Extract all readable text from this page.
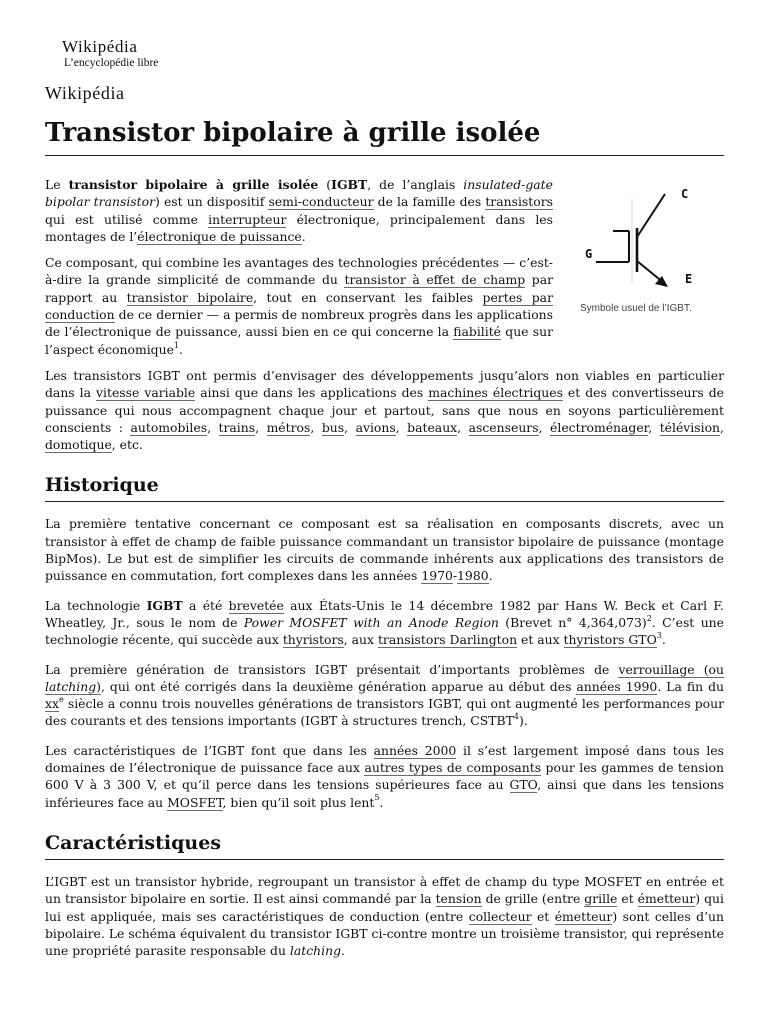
Wikipédia
L’encyclopédie libre
Wikipédia
Transistor bipolaire à grille isolée

Le transistor bipolaire à grille isolée (IGBT, de l’anglais insulated-gate bipolar transistor) est un dispositif semi-conducteur de la famille des transistors qui est utilisé comme interrupteur électronique, principalement dans les montages de l’électronique de puissance.

Ce composant, qui combine les avantages des technologies précédentes — c’est-à-dire la grande simplicité de commande du transistor à effet de champ par rapport au transistor bipolaire, tout en conservant les faibles pertes par conduction de ce dernier — a permis de nombreux progrès dans les applications de l’électronique de puissance, aussi bien en ce qui concerne la fiabilité que sur l’aspect économique$^1$.

C
G
E
Symbole usuel de l’IGBT.

Les transistors IGBT ont permis d’envisager des développements jusqu’alors non viables en particulier dans la vitesse variable ainsi que dans les applications des machines électriques et des convertisseurs de puissance qui nous accompagnent chaque jour et partout, sans que nous en soyons particulièrement conscients : automobiles, trains, métros, bus, avions, bateaux, ascenseurs, électroménager, télévision, domotique, etc.

Historique

La première tentative concernant ce composant est sa réalisation en composants discrets, avec un transistor à effet de champ de faible puissance commandant un transistor bipolaire de puissance (montage BipMos). Le but est de simplifier les circuits de commande inhérents aux applications des transistors de puissance en commutation, fort complexes dans les années 1970-1980.

La technologie IGBT a été brevetée aux États-Unis le 14 décembre 1982 par Hans W. Beck et Carl F. Wheatley, Jr., sous le nom de Power MOSFET with an Anode Region (Brevet n° 4,364,073)$^2$. C’est une technologie récente, qui succède aux thyristors, aux transistors Darlington et aux thyristors GTO$^3$.

La première génération de transistors IGBT présentait d’importants problèmes de verrouillage (ou latching), qui ont été corrigés dans la deuxième génération apparue au début des années 1990. La fin du $xx^e$ siècle a connu trois nouvelles générations de transistors IGBT, qui ont augmenté les performances pour des courants et des tensions importants (IGBT à structures trench, CSTBT$^4$).

Les caractéristiques de l’IGBT font que dans les années 2000 il s’est largement imposé dans tous les domaines de l’électronique de puissance face aux autres types de composants pour les gammes de tension 600 V à 3 300 V, et qu’il perce dans les tensions supérieures face au GTO, ainsi que dans les tensions inférieures face au MOSFET, bien qu’il soit plus lent$^5$.

Caractéristiques

L’IGBT est un transistor hybride, regroupant un transistor à effet de champ du type MOSFET en entrée et un transistor bipolaire en sortie. Il est ainsi commandé par la tension de grille (entre grille et émetteur) qui lui est appliquée, mais ses caractéristiques de conduction (entre collecteur et émetteur) sont celles d’un bipolaire. Le schéma équivalent du transistor IGBT ci-contre montre un troisième transistor, qui représente une propriété parasite responsable du latching.
